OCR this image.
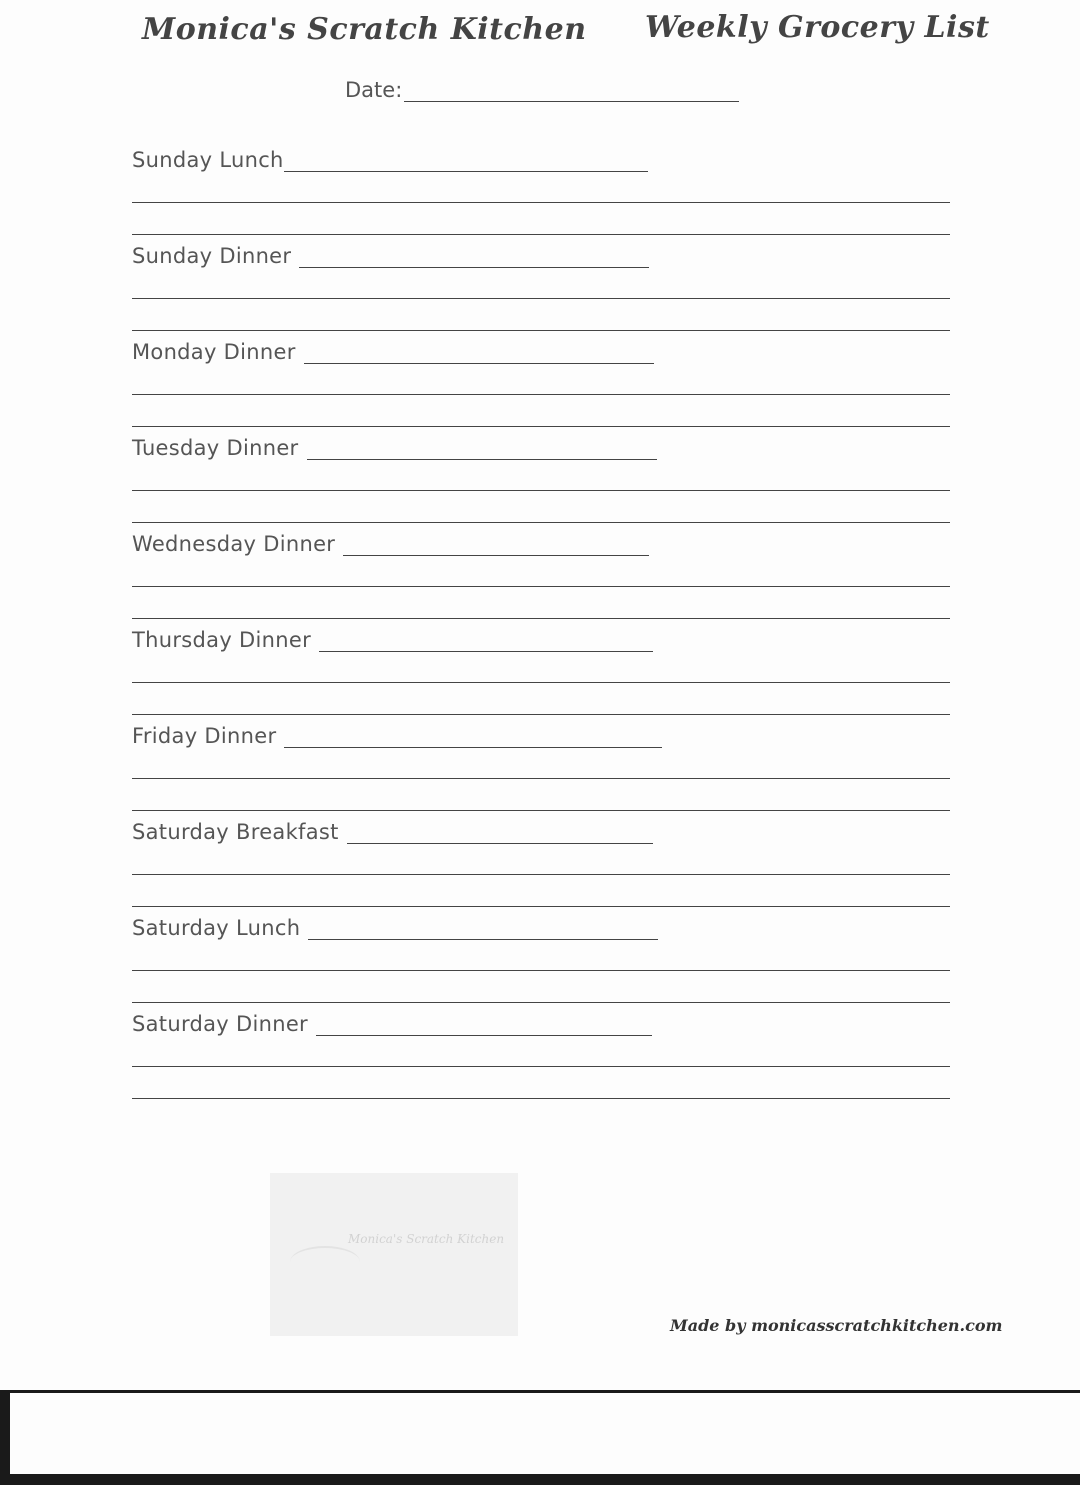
Monica's Scratch Kitchen Weekly Grocery List
Date:
Sunday Lunch
Sunday Dinner
Monday Dinner
Tuesday Dinner
Wednesday Dinner
Thursday Dinner
Friday Dinner
Saturday Breakfast
Saturday Lunch
Saturday Dinner
Monica's Scratch Kitchen
Made by monicasscratchkitchen.com
